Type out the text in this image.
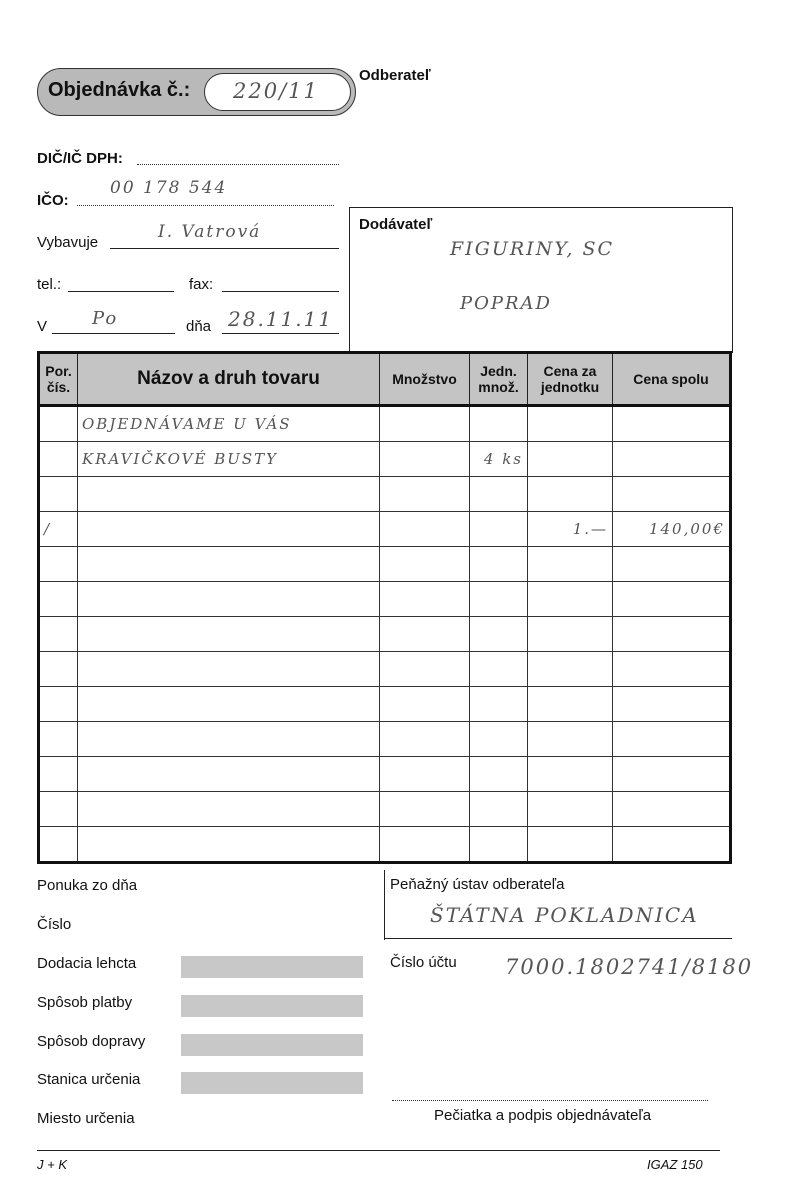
Objednávka č.: 220/11
Odberateľ
DIČ/IČ DPH:
IČO:
00 178 544
Vybavuje
I. Vatrová
tel.:	fax:
V Po	dňa 28.11.11
Dodávateľ
FIGURINY, SC
POPRAD
Por. čís.	Názov a druh tovaru	Množstvo	Jedn. množ.	Cena za jednotku	Cena spolu
	OBJEDNÁVAME U VÁS				
	KRAVIČKOVÉ BUSTY		4 ks		

/				1.—	140,00€

Ponuka zo dňa
Číslo
Dodacia lehcta
Spôsob platby
Spôsob dopravy
Stanica určenia
Miesto určenia
Peňažný ústav odberateľa
ŠTÁTNA POKLADNICA
Číslo účtu 7000.1802741/8180
Pečiatka a podpis objednávateľa
J + K	IGAZ 150
